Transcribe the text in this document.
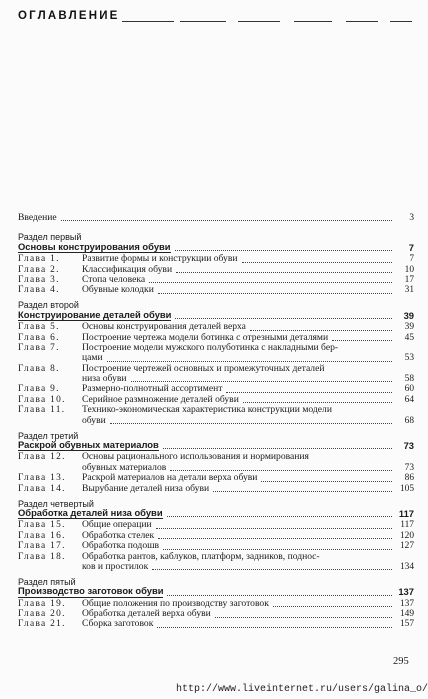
ОГЛАВЛЕНИЕ
Введение	3
Раздел первый
Основы конструирования обуви	7
Глава 1.	Развитие формы и конструкции обуви	7
Глава 2.	Классификация обуви	10
Глава 3.	Стопа человека	17
Глава 4.	Обувные колодки	31
Раздел второй
Конструирование деталей обуви	39
Глава 5.	Основы конструирования деталей верха	39
Глава 6.	Построение чертежа модели ботинка с отрезными деталями	45
Глава 7.	Построение модели мужского полуботинка с накладными бер-
цами	53
Глава 8.	Построение чертежей основных и промежуточных деталей
низа обуви	58
Глава 9.	Размерно-полнотный ассортимент	60
Глава 10.	Серийное размножение деталей обуви	64
Глава 11.	Технико-экономическая характеристика конструкции модели
обуви	68
Раздел третий
Раскрой обувных материалов	73
Глава 12.	Основы рационального использования и нормирования
обувных материалов	73
Глава 13.	Раскрой материалов на детали верха обуви	86
Глава 14.	Вырубание деталей низа обуви	105
Раздел четвертый
Обработка деталей низа обуви	117
Глава 15.	Общие операции	117
Глава 16.	Обработка стелек	120
Глава 17.	Обработка подошв	127
Глава 18.	Обработка рантов, каблуков, платформ, задников, подноc-
ков и простилок	134
Раздел пятый
Производство заготовок обуви	137
Глава 19.	Общие положения по производству заготовок	137
Глава 20.	Обработка деталей верха обуви	149
Глава 21.	Сборка заготовок	157
295
http://www.liveinternet.ru/users/galina_o/
